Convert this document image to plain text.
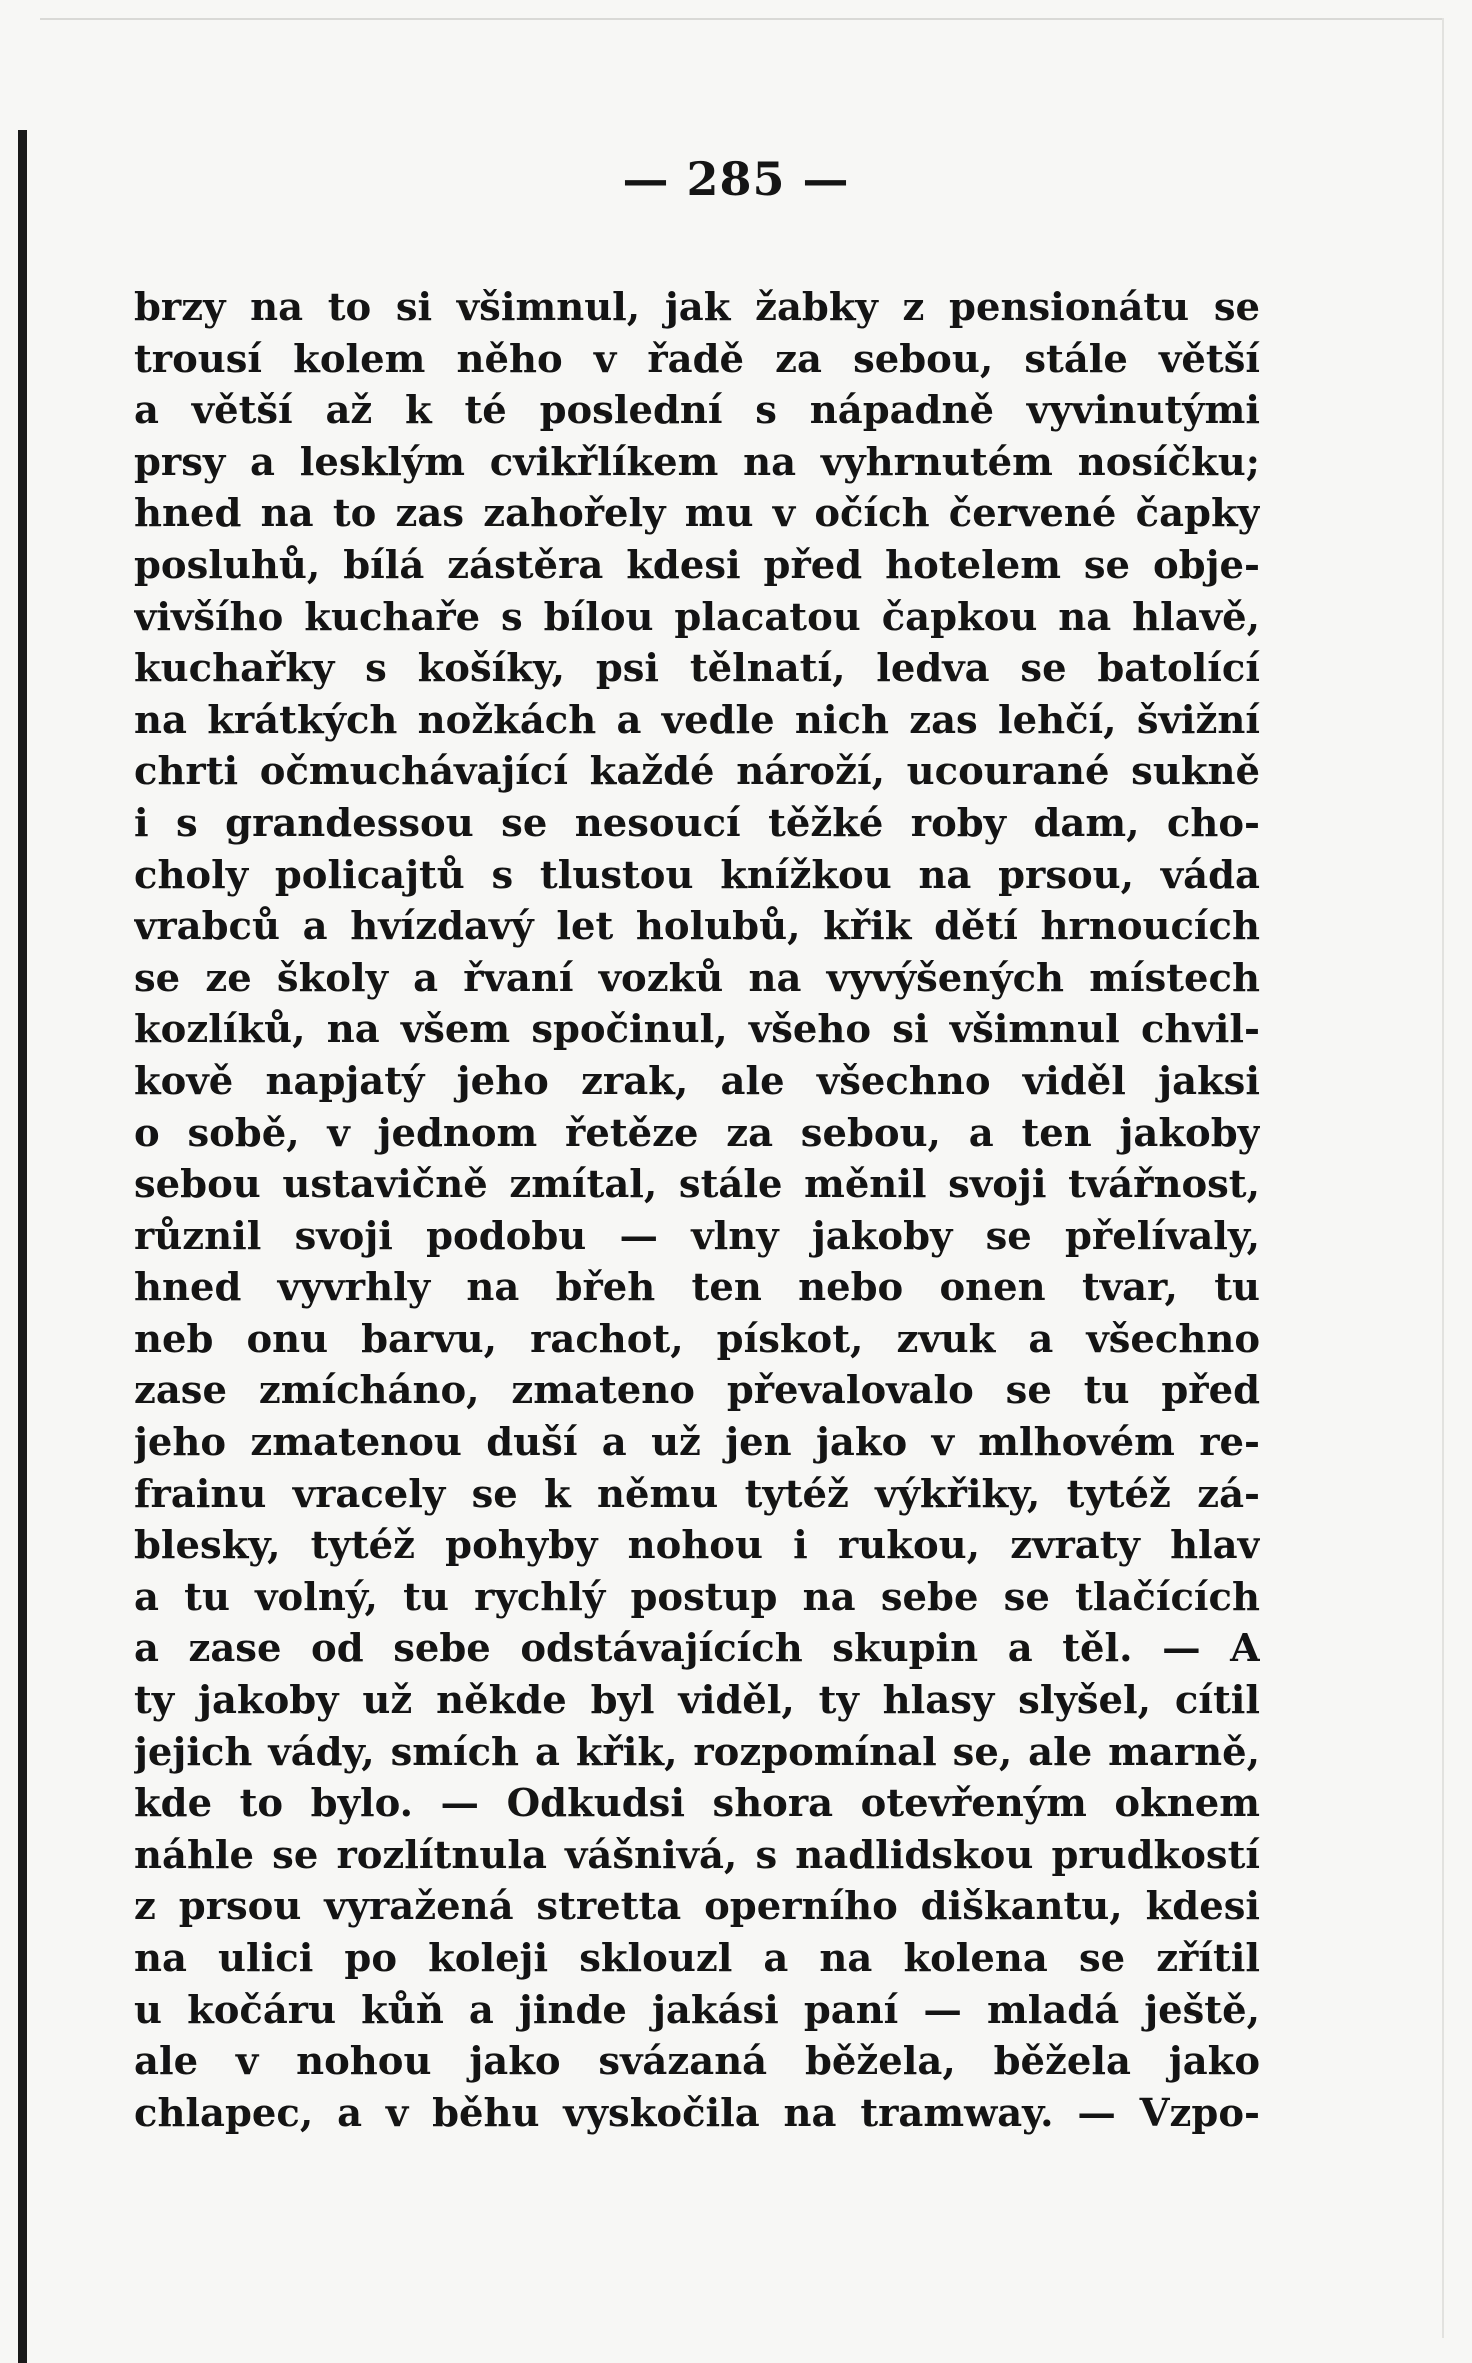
— 285 —
brzy na to si všimnul, jak žabky z pensionátu se
trousí kolem něho v řadě za sebou, stále větší
a větší až k té poslední s nápadně vyvinutými
prsy a lesklým cvikřlíkem na vyhrnutém nosíčku;
hned na to zas zahořely mu v očích červené čapky
posluhů, bílá zástěra kdesi před hotelem se obje-
vivšího kuchaře s bílou placatou čapkou na hlavě,
kuchařky s košíky, psi tělnatí, ledva se batolící
na krátkých nožkách a vedle nich zas lehčí, švižní
chrti očmuchávající každé nároží, ucourané sukně
i s grandessou se nesoucí těžké roby dam, cho-
choly policajtů s tlustou knížkou na prsou, váda
vrabců a hvízdavý let holubů, křik dětí hrnoucích
se ze školy a řvaní vozků na vyvýšených místech
kozlíků, na všem spočinul, všeho si všimnul chvil-
kově napjatý jeho zrak, ale všechno viděl jaksi
o sobě, v jednom řetěze za sebou, a ten jakoby
sebou ustavičně zmítal, stále měnil svoji tvářnost,
různil svoji podobu — vlny jakoby se přelívaly,
hned vyvrhly na břeh ten nebo onen tvar, tu
neb onu barvu, rachot, pískot, zvuk a všechno
zase zmícháno, zmateno převalovalo se tu před
jeho zmatenou duší a už jen jako v mlhovém re-
frainu vracely se k němu tytéž výkřiky, tytéž zá-
blesky, tytéž pohyby nohou i rukou, zvraty hlav
a tu volný, tu rychlý postup na sebe se tlačících
a zase od sebe odstávajících skupin a těl. — A
ty jakoby už někde byl viděl, ty hlasy slyšel, cítil
jejich vády, smích a křik, rozpomínal se, ale marně,
kde to bylo. — Odkudsi shora otevřeným oknem
náhle se rozlítnula vášnivá, s nadlidskou prudkostí
z prsou vyražená stretta operního diškantu, kdesi
na ulici po koleji sklouzl a na kolena se zřítil
u kočáru kůň a jinde jakási paní — mladá ještě,
ale v nohou jako svázaná běžela, běžela jako
chlapec, a v běhu vyskočila na tramway. — Vzpo-
